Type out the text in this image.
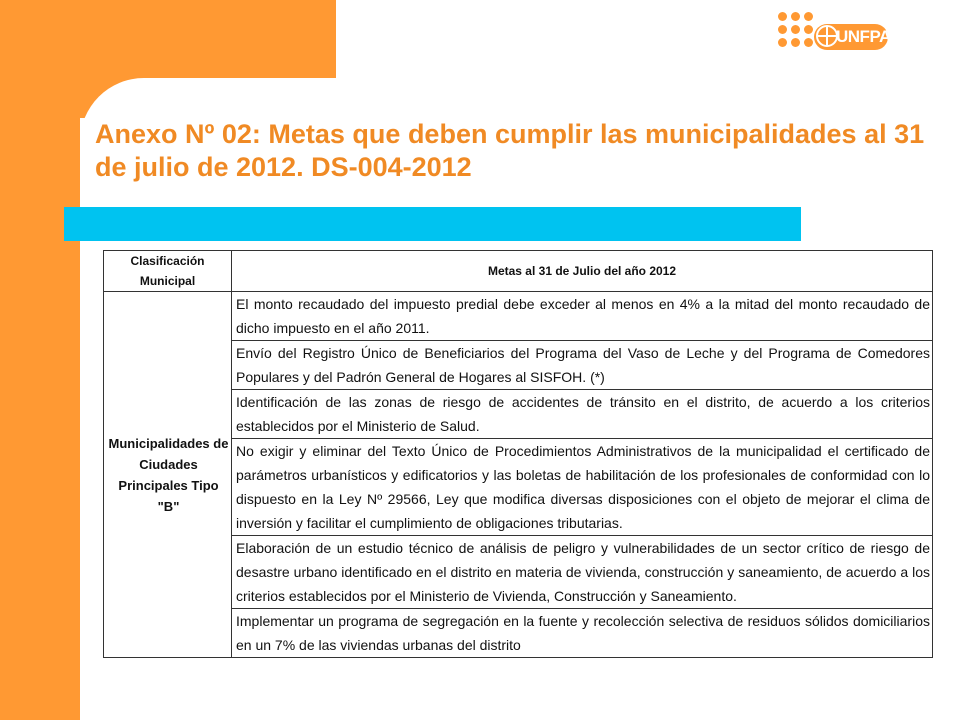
UNFPA
Anexo Nº 02: Metas que deben cumplir las municipalidades al 31 de julio de 2012. DS-004-2012
Clasificación Municipal	Metas al 31 de Julio del año 2012
Municipalidades de Ciudades Principales Tipo "B"	El monto recaudado del impuesto predial debe exceder al menos en 4% a la mitad del monto recaudado de dicho impuesto en el año 2011.
	Envío del Registro Único de Beneficiarios del Programa del Vaso de Leche y del Programa de Comedores Populares y del Padrón General de Hogares al SISFOH. (*)
	Identificación de las zonas de riesgo de accidentes de tránsito en el distrito, de acuerdo a los criterios establecidos por el Ministerio de Salud.
	No exigir y eliminar del Texto Único de Procedimientos Administrativos de la municipalidad el certificado de parámetros urbanísticos y edificatorios y las boletas de habilitación de los profesionales de conformidad con lo dispuesto en la Ley Nº 29566, Ley que modifica diversas disposiciones con el objeto de mejorar el clima de inversión y facilitar el cumplimiento de obligaciones tributarias.
	Elaboración de un estudio técnico de análisis de peligro y vulnerabilidades de un sector crítico de riesgo de desastre urbano identificado en el distrito en materia de vivienda, construcción y saneamiento, de acuerdo a los criterios establecidos por el Ministerio de Vivienda, Construcción y Saneamiento.
	Implementar un programa de segregación en la fuente y recolección selectiva de residuos sólidos domiciliarios en un 7% de las viviendas urbanas del distrito
